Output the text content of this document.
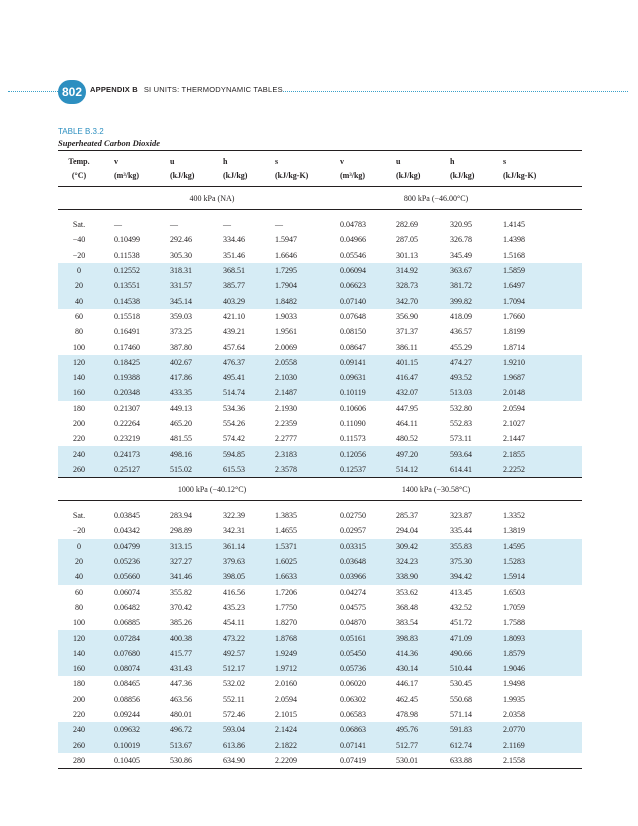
802	APPENDIX B SI UNITS: THERMODYNAMIC TABLES
TABLE B.3.2
Superheated Carbon Dioxide

Temp.	v	u	h	s	v	u	h	s
(°C)	(m³/kg)	(kJ/kg)	(kJ/kg)	(kJ/kg-K)	(m³/kg)	(kJ/kg)	(kJ/kg)	(kJ/kg-K)
	400 kPa (NA)				800 kPa (−46.00°C)			

Sat.	—	—	—	—	0.04783	282.69	320.95	1.4145
−40	0.10499	292.46	334.46	1.5947	0.04966	287.05	326.78	1.4398
−20	0.11538	305.30	351.46	1.6646	0.05546	301.13	345.49	1.5168
0	0.12552	318.31	368.51	1.7295	0.06094	314.92	363.67	1.5859
20	0.13551	331.57	385.77	1.7904	0.06623	328.73	381.72	1.6497
40	0.14538	345.14	403.29	1.8482	0.07140	342.70	399.82	1.7094
60	0.15518	359.03	421.10	1.9033	0.07648	356.90	418.09	1.7660
80	0.16491	373.25	439.21	1.9561	0.08150	371.37	436.57	1.8199
100	0.17460	387.80	457.64	2.0069	0.08647	386.11	455.29	1.8714
120	0.18425	402.67	476.37	2.0558	0.09141	401.15	474.27	1.9210
140	0.19388	417.86	495.41	2.1030	0.09631	416.47	493.52	1.9687
160	0.20348	433.35	514.74	2.1487	0.10119	432.07	513.03	2.0148
180	0.21307	449.13	534.36	2.1930	0.10606	447.95	532.80	2.0594
200	0.22264	465.20	554.26	2.2359	0.11090	464.11	552.83	2.1027
220	0.23219	481.55	574.42	2.2777	0.11573	480.52	573.11	2.1447
240	0.24173	498.16	594.85	2.3183	0.12056	497.20	593.64	2.1855
260	0.25127	515.02	615.53	2.3578	0.12537	514.12	614.41	2.2252
	1000 kPa (−40.12°C)				1400 kPa (−30.58°C)			

Sat.	0.03845	283.94	322.39	1.3835	0.02750	285.37	323.87	1.3352
−20	0.04342	298.89	342.31	1.4655	0.02957	294.04	335.44	1.3819
0	0.04799	313.15	361.14	1.5371	0.03315	309.42	355.83	1.4595
20	0.05236	327.27	379.63	1.6025	0.03648	324.23	375.30	1.5283
40	0.05660	341.46	398.05	1.6633	0.03966	338.90	394.42	1.5914
60	0.06074	355.82	416.56	1.7206	0.04274	353.62	413.45	1.6503
80	0.06482	370.42	435.23	1.7750	0.04575	368.48	432.52	1.7059
100	0.06885	385.26	454.11	1.8270	0.04870	383.54	451.72	1.7588
120	0.07284	400.38	473.22	1.8768	0.05161	398.83	471.09	1.8093
140	0.07680	415.77	492.57	1.9249	0.05450	414.36	490.66	1.8579
160	0.08074	431.43	512.17	1.9712	0.05736	430.14	510.44	1.9046
180	0.08465	447.36	532.02	2.0160	0.06020	446.17	530.45	1.9498
200	0.08856	463.56	552.11	2.0594	0.06302	462.45	550.68	1.9935
220	0.09244	480.01	572.46	2.1015	0.06583	478.98	571.14	2.0358
240	0.09632	496.72	593.04	2.1424	0.06863	495.76	591.83	2.0770
260	0.10019	513.67	613.86	2.1822	0.07141	512.77	612.74	2.1169
280	0.10405	530.86	634.90	2.2209	0.07419	530.01	633.88	2.1558
